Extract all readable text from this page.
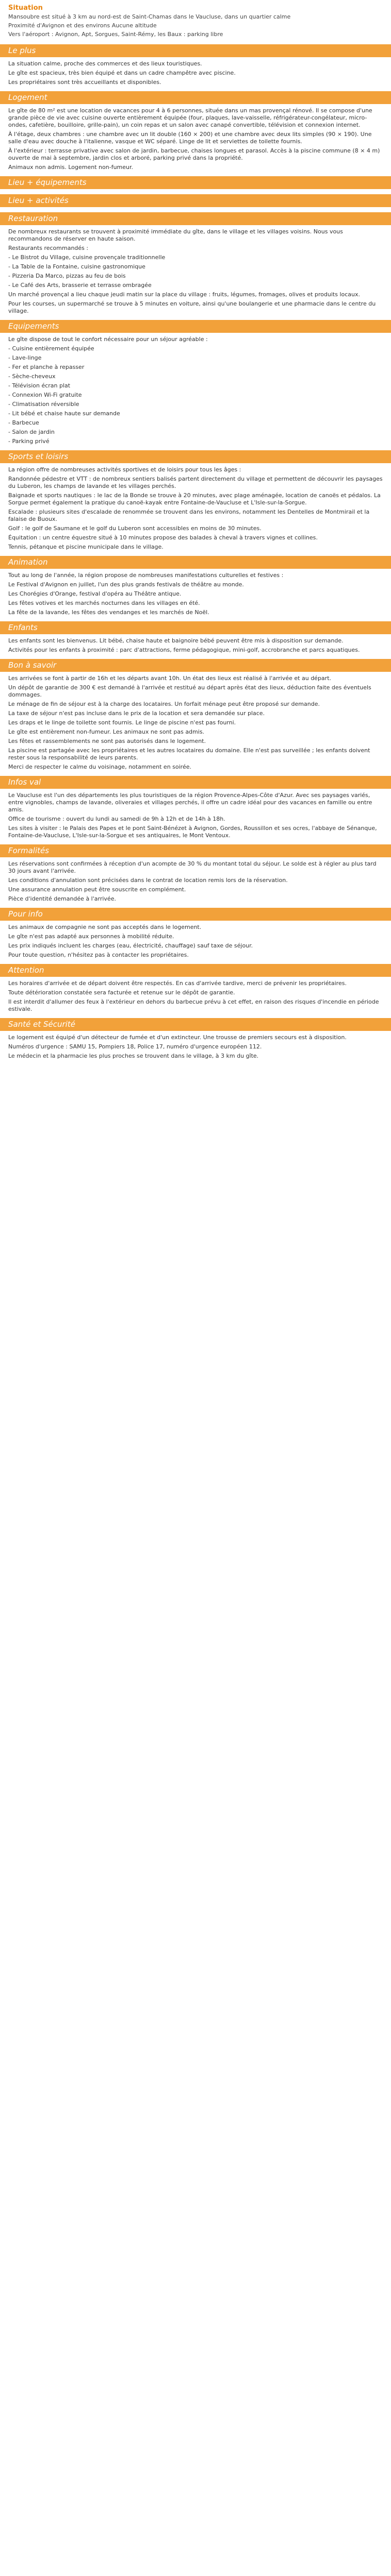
Situation

Mansoubre est situé à 3 km au nord-est de Saint-Chamas dans le Vaucluse, dans un quartier calme

Proximité d'Avignon et des environs Aucune altitude

Vers l'aéroport : Avignon, Apt, Sorgues, Saint-Rémy, les Baux : parking libre

Le plus

La situation calme, proche des commerces et des lieux touristiques.

Le gîte est spacieux, très bien équipé et dans un cadre champêtre avec piscine.

Les propriétaires sont très accueillants et disponibles.

Logement

Le gîte de 80 m² est une location de vacances pour 4 à 6 personnes, située dans un mas provençal rénové. Il se compose d'une grande pièce de vie avec cuisine ouverte entièrement équipée (four, plaques, lave-vaisselle, réfrigérateur-congélateur, micro-ondes, cafetière, bouilloire, grille-pain), un coin repas et un salon avec canapé convertible, télévision et connexion internet.

À l'étage, deux chambres : une chambre avec un lit double (160 × 200) et une chambre avec deux lits simples (90 × 190). Une salle d'eau avec douche à l'italienne, vasque et WC séparé. Linge de lit et serviettes de toilette fournis.

À l'extérieur : terrasse privative avec salon de jardin, barbecue, chaises longues et parasol. Accès à la piscine commune (8 × 4 m) ouverte de mai à septembre, jardin clos et arboré, parking privé dans la propriété.

Animaux non admis. Logement non-fumeur.

Lieu + équipements
Lieu + activités
Restauration

De nombreux restaurants se trouvent à proximité immédiate du gîte, dans le village et les villages voisins. Nous vous recommandons de réserver en haute saison.

Restaurants recommandés :

- Le Bistrot du Village, cuisine provençale traditionnelle

- La Table de la Fontaine, cuisine gastronomique

- Pizzeria Da Marco, pizzas au feu de bois

- Le Café des Arts, brasserie et terrasse ombragée

Un marché provençal a lieu chaque jeudi matin sur la place du village : fruits, légumes, fromages, olives et produits locaux.

Pour les courses, un supermarché se trouve à 5 minutes en voiture, ainsi qu'une boulangerie et une pharmacie dans le centre du village.

Equipements

Le gîte dispose de tout le confort nécessaire pour un séjour agréable :

- Cuisine entièrement équipée

- Lave-linge

- Fer et planche à repasser

- Sèche-cheveux

- Télévision écran plat

- Connexion Wi-Fi gratuite

- Climatisation réversible

- Lit bébé et chaise haute sur demande

- Barbecue

- Salon de jardin

- Parking privé

Sports et loisirs

La région offre de nombreuses activités sportives et de loisirs pour tous les âges :

Randonnée pédestre et VTT : de nombreux sentiers balisés partent directement du village et permettent de découvrir les paysages du Luberon, les champs de lavande et les villages perchés.

Baignade et sports nautiques : le lac de la Bonde se trouve à 20 minutes, avec plage aménagée, location de canoës et pédalos. La Sorgue permet également la pratique du canoë-kayak entre Fontaine-de-Vaucluse et L'Isle-sur-la-Sorgue.

Escalade : plusieurs sites d'escalade de renommée se trouvent dans les environs, notamment les Dentelles de Montmirail et la falaise de Buoux.

Golf : le golf de Saumane et le golf du Luberon sont accessibles en moins de 30 minutes.

Équitation : un centre équestre situé à 10 minutes propose des balades à cheval à travers vignes et collines.

Tennis, pétanque et piscine municipale dans le village.

Animation

Tout au long de l'année, la région propose de nombreuses manifestations culturelles et festives :

Le Festival d'Avignon en juillet, l'un des plus grands festivals de théâtre au monde.

Les Chorégies d'Orange, festival d'opéra au Théâtre antique.

Les fêtes votives et les marchés nocturnes dans les villages en été.

La fête de la lavande, les fêtes des vendanges et les marchés de Noël.

Enfants

Les enfants sont les bienvenus. Lit bébé, chaise haute et baignoire bébé peuvent être mis à disposition sur demande.

Activités pour les enfants à proximité : parc d'attractions, ferme pédagogique, mini-golf, accrobranche et parcs aquatiques.

Bon à savoir

Les arrivées se font à partir de 16h et les départs avant 10h. Un état des lieux est réalisé à l'arrivée et au départ.

Un dépôt de garantie de 300 € est demandé à l'arrivée et restitué au départ après état des lieux, déduction faite des éventuels dommages.

Le ménage de fin de séjour est à la charge des locataires. Un forfait ménage peut être proposé sur demande.

La taxe de séjour n'est pas incluse dans le prix de la location et sera demandée sur place.

Les draps et le linge de toilette sont fournis. Le linge de piscine n'est pas fourni.

Le gîte est entièrement non-fumeur. Les animaux ne sont pas admis.

Les fêtes et rassemblements ne sont pas autorisés dans le logement.

La piscine est partagée avec les propriétaires et les autres locataires du domaine. Elle n'est pas surveillée ; les enfants doivent rester sous la responsabilité de leurs parents.

Merci de respecter le calme du voisinage, notamment en soirée.

Infos val

Le Vaucluse est l'un des départements les plus touristiques de la région Provence-Alpes-Côte d'Azur. Avec ses paysages variés, entre vignobles, champs de lavande, oliveraies et villages perchés, il offre un cadre idéal pour des vacances en famille ou entre amis.

Office de tourisme : ouvert du lundi au samedi de 9h à 12h et de 14h à 18h.

Les sites à visiter : le Palais des Papes et le pont Saint-Bénézet à Avignon, Gordes, Roussillon et ses ocres, l'abbaye de Sénanque, Fontaine-de-Vaucluse, L'Isle-sur-la-Sorgue et ses antiquaires, le Mont Ventoux.

Formalités

Les réservations sont confirmées à réception d'un acompte de 30 % du montant total du séjour. Le solde est à régler au plus tard 30 jours avant l'arrivée.

Les conditions d'annulation sont précisées dans le contrat de location remis lors de la réservation.

Une assurance annulation peut être souscrite en complément.

Pièce d'identité demandée à l'arrivée.

Pour info

Les animaux de compagnie ne sont pas acceptés dans le logement.

Le gîte n'est pas adapté aux personnes à mobilité réduite.

Les prix indiqués incluent les charges (eau, électricité, chauffage) sauf taxe de séjour.

Pour toute question, n'hésitez pas à contacter les propriétaires.

Attention

Les horaires d'arrivée et de départ doivent être respectés. En cas d'arrivée tardive, merci de prévenir les propriétaires.

Toute détérioration constatée sera facturée et retenue sur le dépôt de garantie.

Il est interdit d'allumer des feux à l'extérieur en dehors du barbecue prévu à cet effet, en raison des risques d'incendie en période estivale.

Santé et Sécurité

Le logement est équipé d'un détecteur de fumée et d'un extincteur. Une trousse de premiers secours est à disposition.

Numéros d'urgence : SAMU 15, Pompiers 18, Police 17, numéro d'urgence européen 112.

Le médecin et la pharmacie les plus proches se trouvent dans le village, à 3 km du gîte.
